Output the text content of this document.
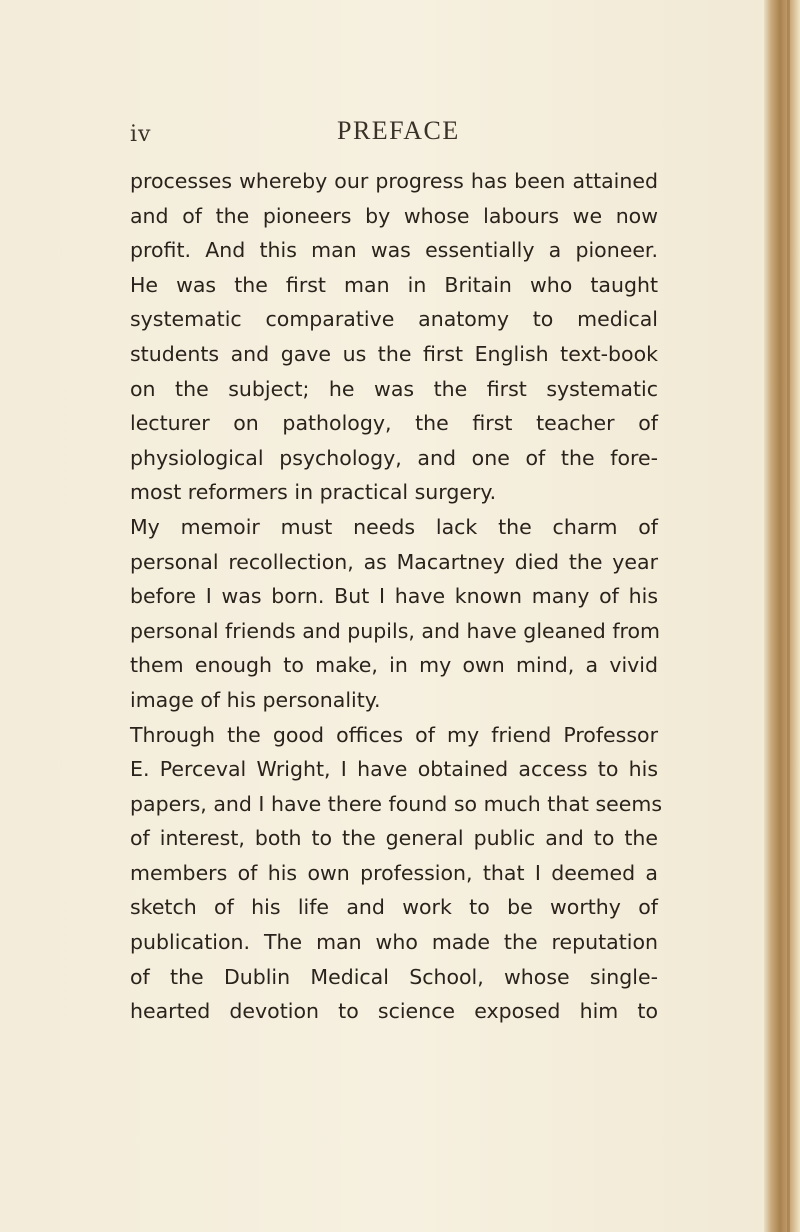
iv	PREFACE
processes whereby our progress has been attained
and of the pioneers by whose labours we now
profit. And this man was essentially a pioneer.
He was the first man in Britain who taught
systematic comparative anatomy to medical
students and gave us the first English text-book
on the subject; he was the first systematic
lecturer on pathology, the first teacher of
physiological psychology, and one of the fore-
most reformers in practical surgery.
My memoir must needs lack the charm of
personal recollection, as Macartney died the year
before I was born. But I have known many of his
personal friends and pupils, and have gleaned from
them enough to make, in my own mind, a vivid
image of his personality.
Through the good offices of my friend Professor
E. Perceval Wright, I have obtained access to his
papers, and I have there found so much that seems
of interest, both to the general public and to the
members of his own profession, that I deemed a
sketch of his life and work to be worthy of
publication. The man who made the reputation
of the Dublin Medical School, whose single-
hearted devotion to science exposed him to
